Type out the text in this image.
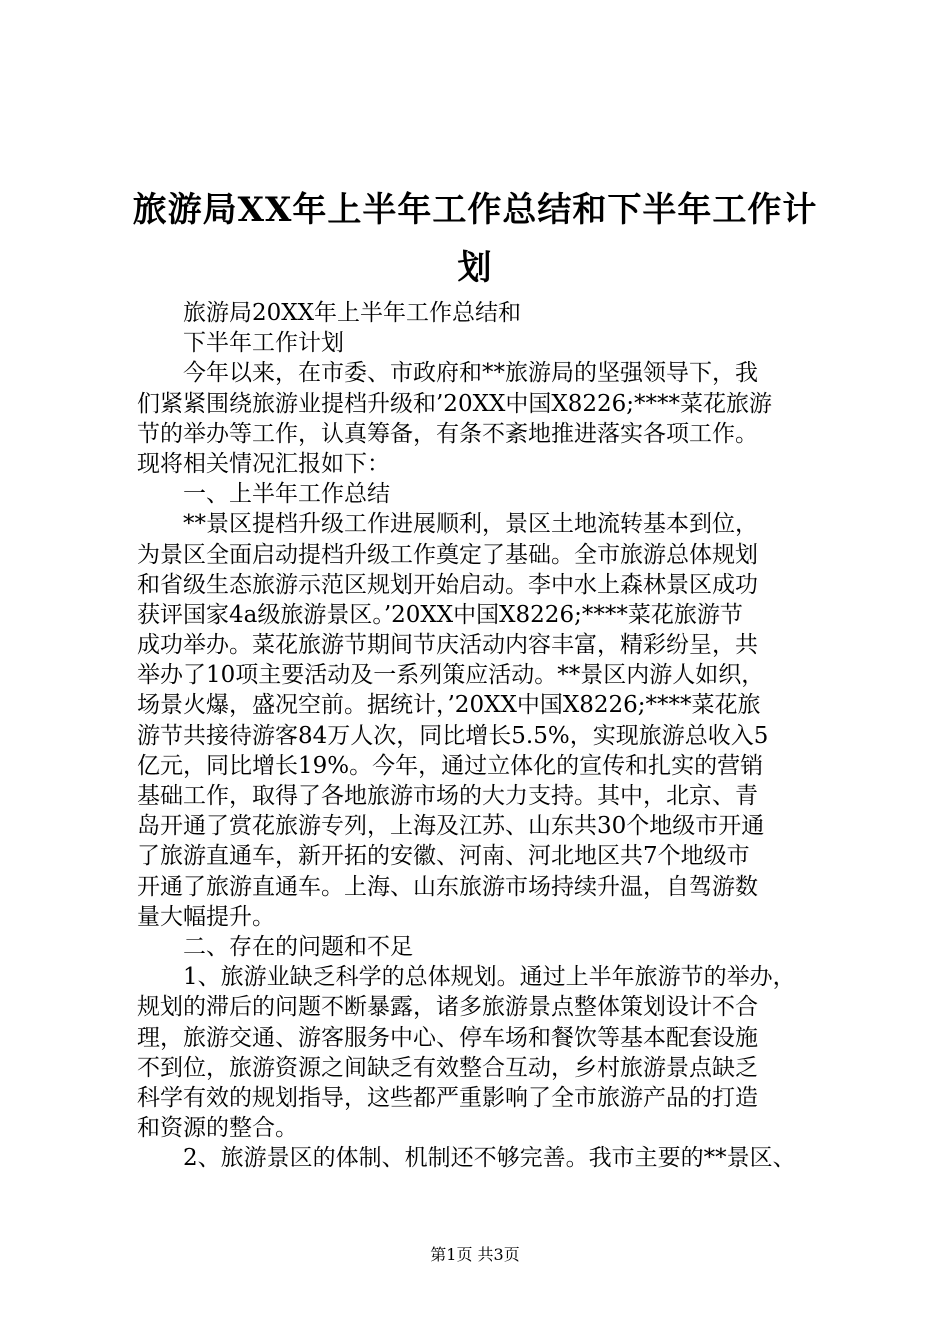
旅游局XX年上半年工作总结和下半年工作计
划
　　旅游局20XX年上半年工作总结和
　　下半年工作计划
　　今年以来，在市委、市政府和**旅游局的坚强领导下，我
们紧紧围绕旅游业提档升级和’20XX中国X8226;****菜花旅游
节的举办等工作，认真筹备，有条不紊地推进落实各项工作。
现将相关情况汇报如下：
　　一、上半年工作总结
　　**景区提档升级工作进展顺利，景区土地流转基本到位，
为景区全面启动提档升级工作奠定了基础。全市旅游总体规划
和省级生态旅游示范区规划开始启动。李中水上森林景区成功
获评国家4a级旅游景区。’20XX中国X8226;****菜花旅游节
成功举办。菜花旅游节期间节庆活动内容丰富，精彩纷呈，共
举办了10项主要活动及一系列策应活动。**景区内游人如织，
场景火爆，盛况空前。据统计，’20XX中国X8226;****菜花旅
游节共接待游客84万人次，同比增长5.5%，实现旅游总收入5
亿元，同比增长19%。今年，通过立体化的宣传和扎实的营销
基础工作，取得了各地旅游市场的大力支持。其中，北京、青
岛开通了赏花旅游专列，上海及江苏、山东共30个地级市开通
了旅游直通车，新开拓的安徽、河南、河北地区共7个地级市
开通了旅游直通车。上海、山东旅游市场持续升温，自驾游数
量大幅提升。
　　二、存在的问题和不足
　　1、旅游业缺乏科学的总体规划。通过上半年旅游节的举办，
规划的滞后的问题不断暴露，诸多旅游景点整体策划设计不合
理，旅游交通、游客服务中心、停车场和餐饮等基本配套设施
不到位，旅游资源之间缺乏有效整合互动，乡村旅游景点缺乏
科学有效的规划指导，这些都严重影响了全市旅游产品的打造
和资源的整合。
　　2、旅游景区的体制、机制还不够完善。我市主要的**景区、
第1页 共3页
